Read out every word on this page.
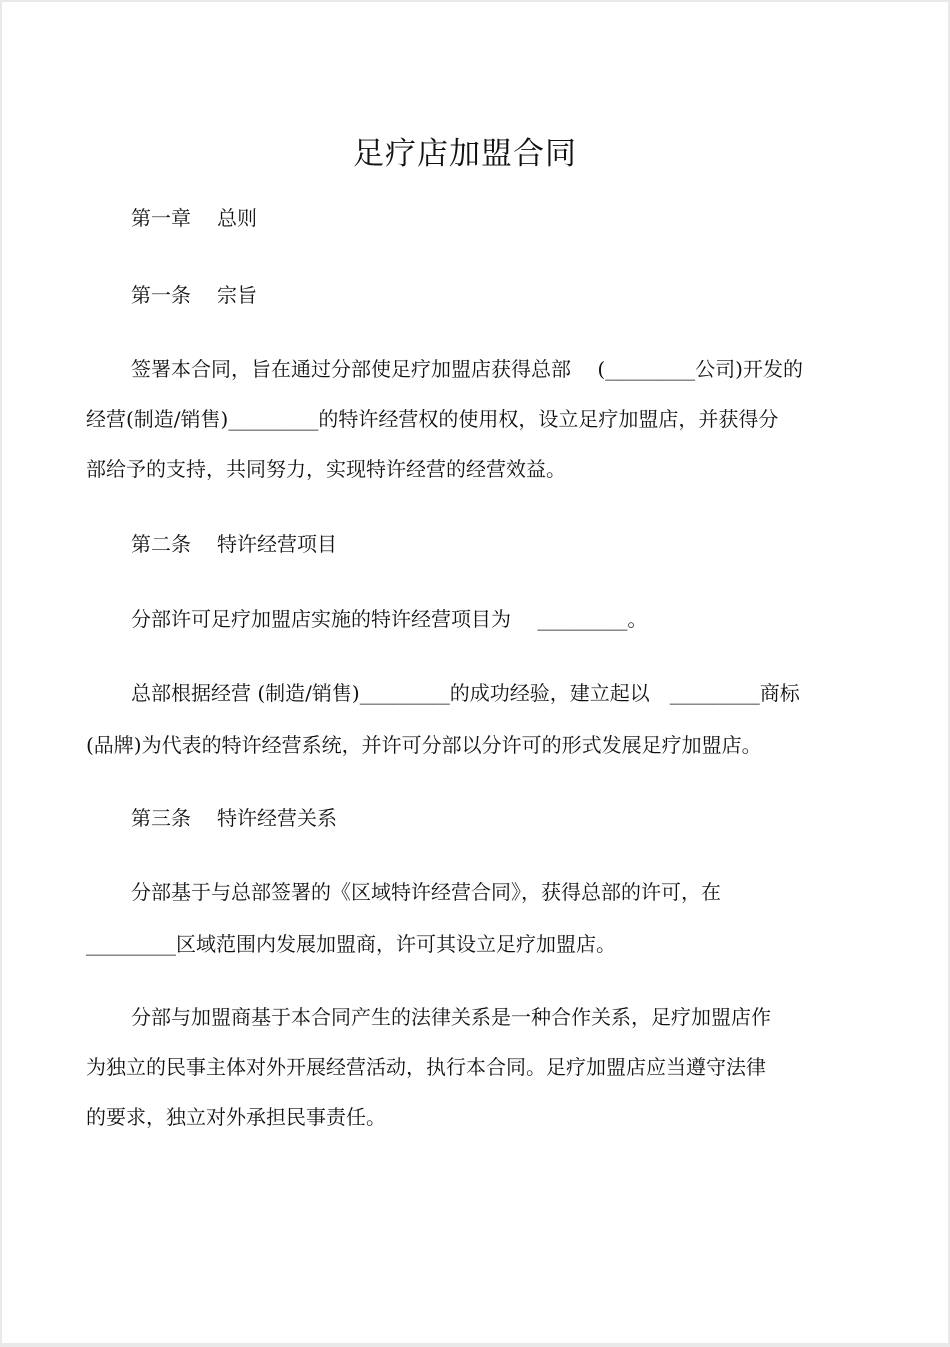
足疗店加盟合同

第一章 总则

第一条 宗旨

签署本合同，旨在通过分部使足疗加盟店获得总部　 (_________公司)开发的

经营(制造/销售)_________的特许经营权的使用权，设立足疗加盟店，并获得分

部给予的支持，共同努力，实现特许经营的经营效益。

第二条 特许经营项目

分部许可足疗加盟店实施的特许经营项目为　 _________。

总部根据经营 (制造/销售)_________的成功经验，建立起以　_________商标

(品牌)为代表的特许经营系统，并许可分部以分许可的形式发展足疗加盟店。

第三条 特许经营关系

分部基于与总部签署的《区域特许经营合同》，获得总部的许可，在

_________区域范围内发展加盟商，许可其设立足疗加盟店。

分部与加盟商基于本合同产生的法律关系是一种合作关系，足疗加盟店作

为独立的民事主体对外开展经营活动，执行本合同。足疗加盟店应当遵守法律

的要求，独立对外承担民事责任。
